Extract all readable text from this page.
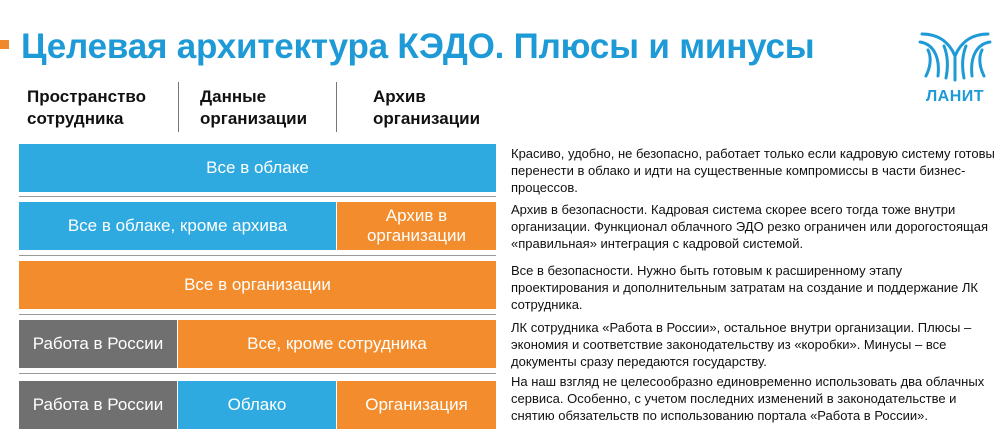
Целевая архитектура КЭДО. Плюсы и минусы
ЛАНИТ
Пространство сотрудника
Данные организации
Архив организации
Все в облаке
Красиво, удобно, не безопасно, работает только если кадровую систему готовы перенести в облако и идти на существенные компромиссы в части бизнес-процессов.
Все в облаке, кроме архива
Архив в организации
Архив в безопасности. Кадровая система скорее всего тогда тоже внутри организации. Функционал облачного ЭДО резко ограничен или дорогостоящая «правильная» интеграция с кадровой системой.
Все в организации
Все в безопасности. Нужно быть готовым к расширенному этапу проектирования и дополнительным затратам на создание и поддержание ЛК сотрудника.
Работа в России	Все, кроме сотрудника
ЛК сотрудника «Работа в России», остальное внутри организации. Плюсы – экономия и соответствие законодательству из «коробки». Минусы – все документы сразу передаются государству.
Работа в России	Облако	Организация
На наш взгляд не целесообразно единовременно использовать два облачных сервиса. Особенно, с учетом последних изменений в законодательстве и снятию обязательств по использованию портала «Работа в России».
